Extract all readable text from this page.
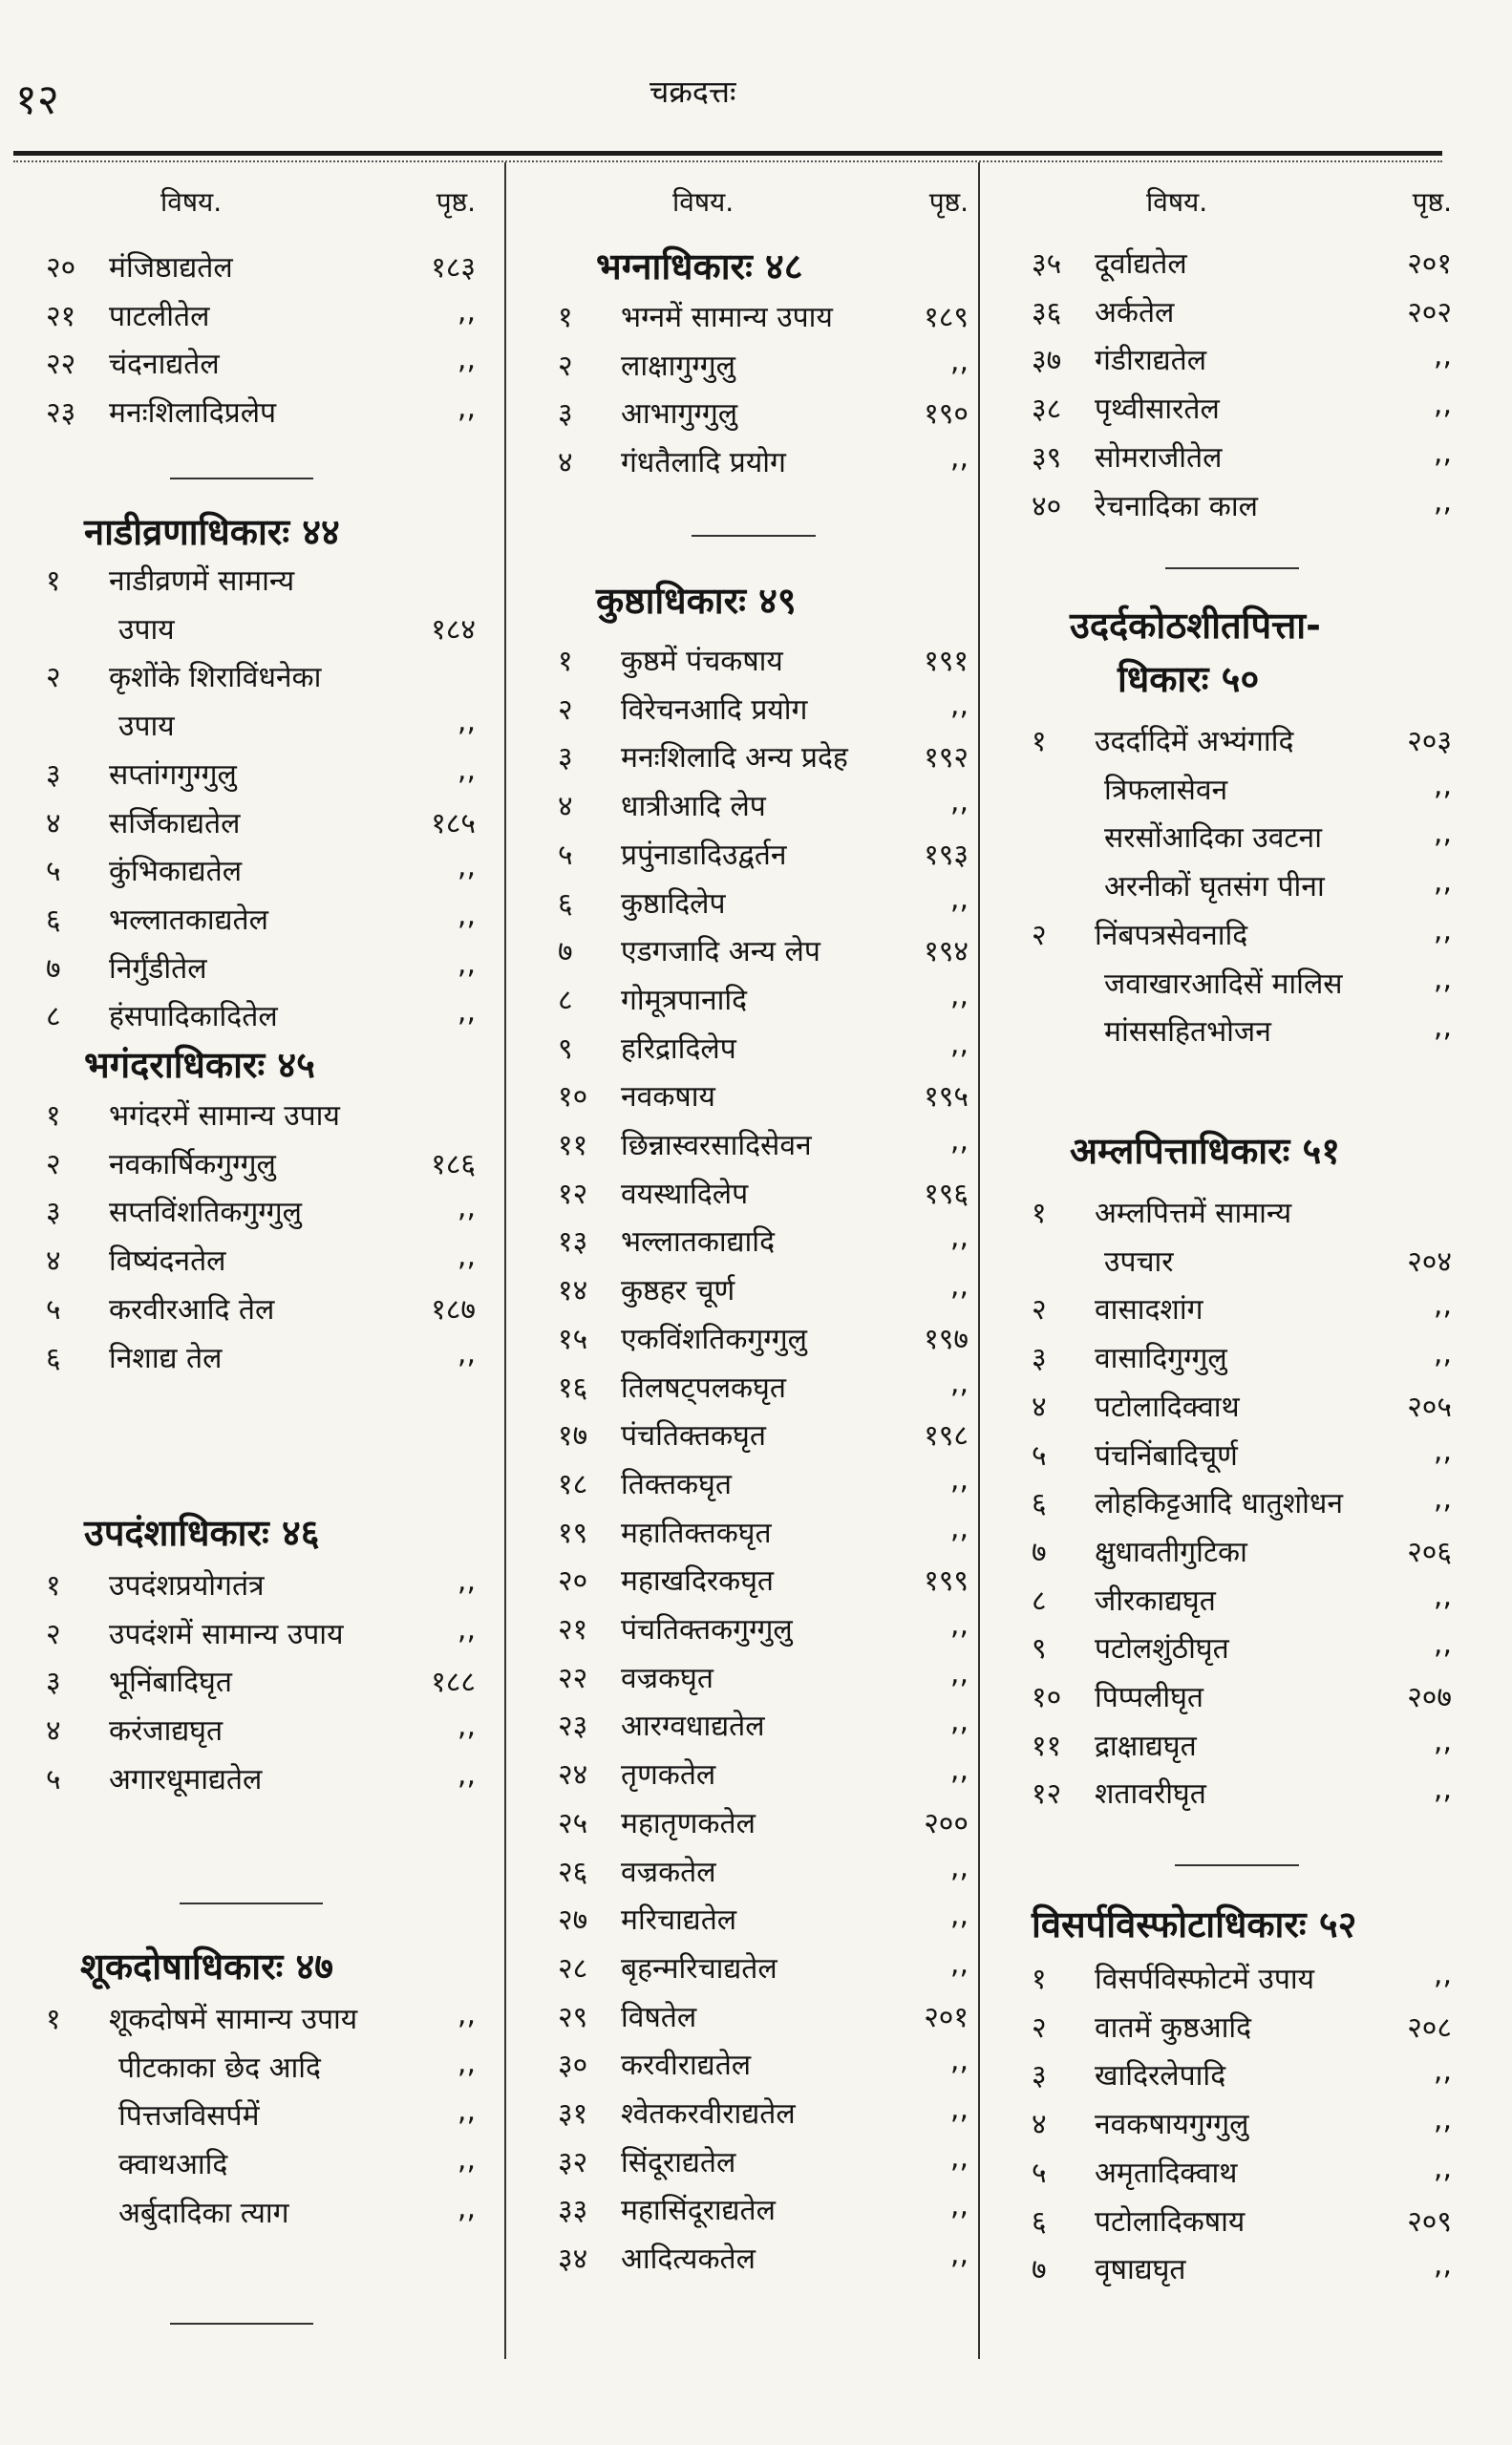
१२	चक्रदत्तः
विषय.	पृष्ठ.
२०	मंजिष्ठाद्यतेल	१८३
२१	पाटलीतेल	,,
२२	चंदनाद्यतेल	,,
२३	मनःशिलादिप्रलेप	,,
नाडीव्रणाधिकारः ४४
१	नाडीव्रणमें सामान्य
उपाय	१८४
२	कृशोंके शिराविंधनेका
उपाय	,,
३	सप्तांगगुग्गुलु	,,
४	सर्जिकाद्यतेल	१८५
५	कुंभिकाद्यतेल	,,
६	भल्लातकाद्यतेल	,,
७	निर्गुंडीतेल	,,
८	हंसपादिकादितेल	,,
भगंदराधिकारः ४५
१	भगंदरमें सामान्य उपाय
२	नवकार्षिकगुग्गुलु	१८६
३	सप्तविंशतिकगुग्गुलु	,,
४	विष्यंदनतेल	,,
५	करवीरआदि तेल	१८७
६	निशाद्य तेल	,,
उपदंशाधिकारः ४६
१	उपदंशप्रयोगतंत्र	,,
२	उपदंशमें सामान्य उपाय	,,
३	भूनिंबादिघृत	१८८
४	करंजाद्यघृत	,,
५	अगारधूमाद्यतेल	,,
शूकदोषाधिकारः ४७
१	शूकदोषमें सामान्य उपाय	,,
पीटकाका छेद आदि	,,
पित्तजविसर्पमें	,,
क्वाथआदि	,,
अर्बुदादिका त्याग	,,
विषय.	पृष्ठ.
भग्नाधिकारः ४८
१	भग्नमें सामान्य उपाय	१८९
२	लाक्षागुग्गुलु	,,
३	आभागुग्गुलु	१९०
४	गंधतैलादि प्रयोग	,,
कुष्ठाधिकारः ४९
१	कुष्ठमें पंचकषाय	१९१
२	विरेचनआदि प्रयोग	,,
३	मनःशिलादि अन्य प्रदेह	१९२
४	धात्रीआदि लेप	,,
५	प्रपुंनाडादिउद्वर्तन	१९३
६	कुष्ठादिलेप	,,
७	एडगजादि अन्य लेप	१९४
८	गोमूत्रपानादि	,,
९	हरिद्रादिलेप	,,
१०	नवकषाय	१९५
११	छिन्नास्वरसादिसेवन	,,
१२	वयस्थादिलेप	१९६
१३	भल्लातकाद्यादि	,,
१४	कुष्ठहर चूर्ण	,,
१५	एकविंशतिकगुग्गुलु	१९७
१६	तिलषट्पलकघृत	,,
१७	पंचतिक्तकघृत	१९८
१८	तिक्तकघृत	,,
१९	महातिक्तकघृत	,,
२०	महाखदिरकघृत	१९९
२१	पंचतिक्तकगुग्गुलु	,,
२२	वज्रकघृत	,,
२३	आरग्वधाद्यतेल	,,
२४	तृणकतेल	,,
२५	महातृणकतेल	२००
२६	वज्रकतेल	,,
२७	मरिचाद्यतेल	,,
२८	बृहन्मरिचाद्यतेल	,,
२९	विषतेल	२०१
३०	करवीराद्यतेल	,,
३१	श्वेतकरवीराद्यतेल	,,
३२	सिंदूराद्यतेल	,,
३३	महासिंदूराद्यतेल	,,
३४	आदित्यकतेल	,,
विषय.	पृष्ठ.
३५	दूर्वाद्यतेल	२०१
३६	अर्कतेल	२०२
३७	गंडीराद्यतेल	,,
३८	पृथ्वीसारतेल	,,
३९	सोमराजीतेल	,,
४०	रेचनादिका काल	,,
उदर्दकोठशीतपित्ता-
धिकारः ५०
१	उदर्दादिमें अभ्यंगादि	२०३
त्रिफलासेवन	,,
सरसोंआदिका उवटना	,,
अरनीकों घृतसंग पीना	,,
२	निंबपत्रसेवनादि	,,
जवाखारआदिसें मालिस	,,
मांससहितभोजन	,,
अम्लपित्ताधिकारः ५१
१	अम्लपित्तमें सामान्य
उपचार	२०४
२	वासादशांग	,,
३	वासादिगुग्गुलु	,,
४	पटोलादिक्वाथ	२०५
५	पंचनिंबादिचूर्ण	,,
६	लोहकिट्टआदि धातुशोधन	,,
७	क्षुधावतीगुटिका	२०६
८	जीरकाद्यघृत	,,
९	पटोलशुंठीघृत	,,
१०	पिप्पलीघृत	२०७
११	द्राक्षाद्यघृत	,,
१२	शतावरीघृत	,,
विसर्पविस्फोटाधिकारः ५२
१	विसर्पविस्फोटमें उपाय	,,
२	वातमें कुष्ठआदि	२०८
३	खादिरलेपादि	,,
४	नवकषायगुग्गुलु	,,
५	अमृतादिक्वाथ	,,
६	पटोलादिकषाय	२०९
७	वृषाद्यघृत	,,
